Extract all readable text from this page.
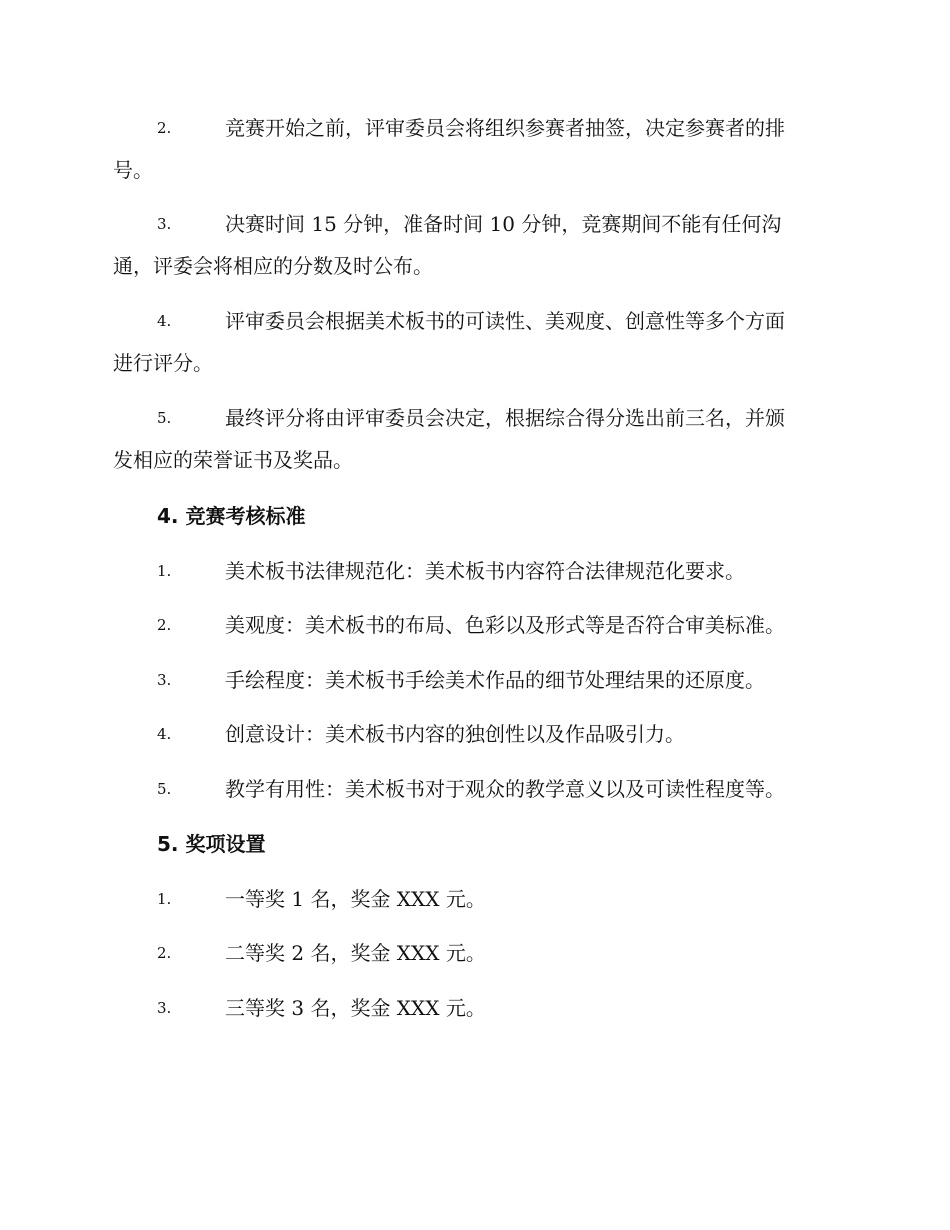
2.	竞赛开始之前，评审委员会将组织参赛者抽签，决定参赛者的排
号。
3.	决赛时间 15 分钟，准备时间 10 分钟，竞赛期间不能有任何沟
通，评委会将相应的分数及时公布。
4.	评审委员会根据美术板书的可读性、美观度、创意性等多个方面
进行评分。
5.	最终评分将由评审委员会决定，根据综合得分选出前三名，并颁
发相应的荣誉证书及奖品。
4. 竞赛考核标准
1.	美术板书法律规范化：美术板书内容符合法律规范化要求。
2.	美观度：美术板书的布局、色彩以及形式等是否符合审美标准。
3.	手绘程度：美术板书手绘美术作品的细节处理结果的还原度。
4.	创意设计：美术板书内容的独创性以及作品吸引力。
5.	教学有用性：美术板书对于观众的教学意义以及可读性程度等。
5. 奖项设置
1.	一等奖 1 名，奖金 XXX 元。
2.	二等奖 2 名，奖金 XXX 元。
3.	三等奖 3 名，奖金 XXX 元。
